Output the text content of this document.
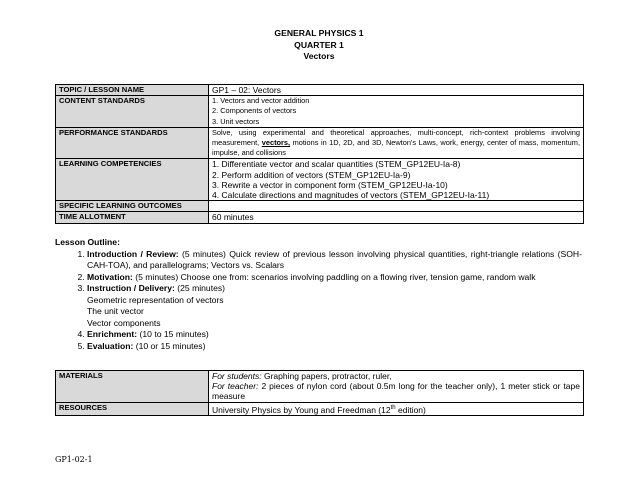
GENERAL PHYSICS 1
QUARTER 1
Vectors
TOPIC / LESSON NAME	GP1 – 02: Vectors
CONTENT STANDARDS	1. Vectors and vector addition
2. Components of vectors
3. Unit vectors

PERFORMANCE STANDARDS	Solve, using experimental and theoretical approaches, multi-concept, rich-context problems involving measurement, vectors, motions in 1D, 2D, and 3D, Newton's Laws, work, energy, center of mass, momentum, impulse, and collisions
LEARNING COMPETENCIES	1. Differentiate vector and scalar quantities (STEM_GP12EU-Ia-8)
2. Perform addition of vectors (STEM_GP12EU-Ia-9)
3. Rewrite a vector in component form (STEM_GP12EU-Ia-10)
4. Calculate directions and magnitudes of vectors (STEM_GP12EU-Ia-11)

SPECIFIC LEARNING OUTCOMES	
TIME ALLOTMENT	60 minutes
Lesson Outline:
1. Introduction / Review: (5 minutes) Quick review of previous lesson involving physical quantities, right-triangle relations (SOH-CAH-TOA), and parallelograms; Vectors vs. Scalars
2. Motivation: (5 minutes) Choose one from: scenarios involving paddling on a flowing river, tension game, random walk
3. Instruction / Delivery: (25 minutes)
Geometric representation of vectors
The unit vector
Vector components
4. Enrichment: (10 to 15 minutes)
5. Evaluation: (10 or 15 minutes)
MATERIALS	For students: Graphing papers, protractor, ruler,
For teacher: 2 pieces of nylon cord (about 0.5m long for the teacher only), 1 meter stick or tape measure

RESOURCES	University Physics by Young and Freedman (12th edition)
GP1-02-1
